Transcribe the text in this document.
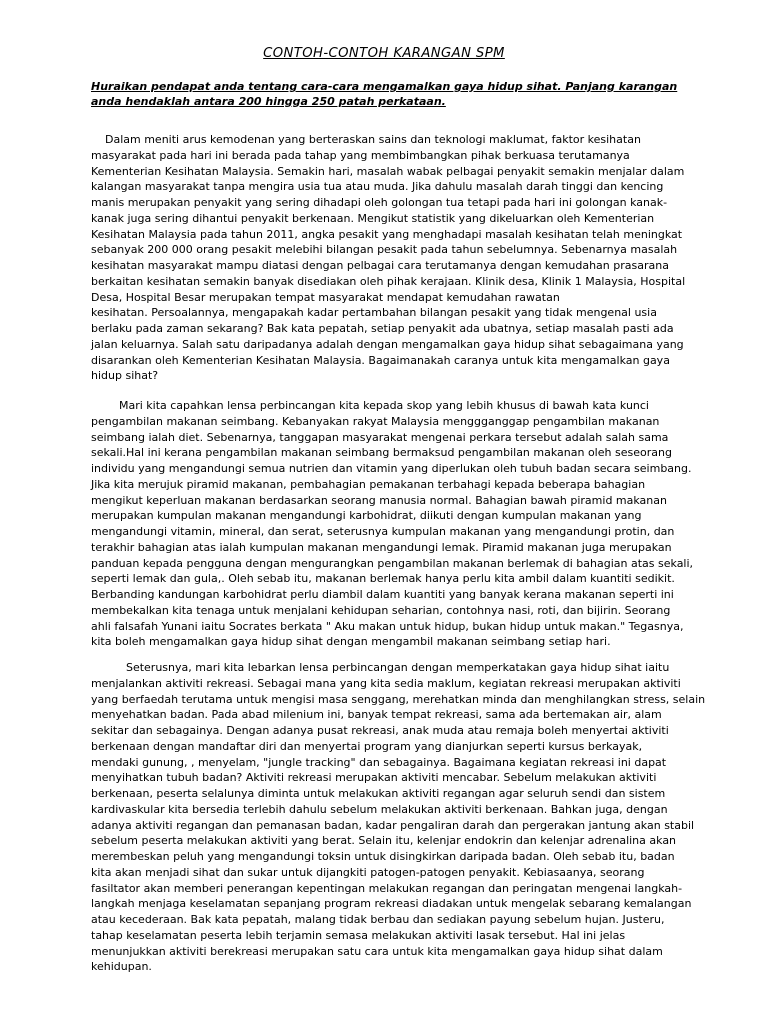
CONTOH-CONTOH KARANGAN SPM

Huraikan pendapat anda tentang cara-cara mengamalkan gaya hidup sihat. Panjang karangan anda hendaklah antara 200 hingga 250 patah perkataan.

Dalam meniti arus kemodenan yang berteraskan sains dan teknologi maklumat, faktor kesihatan
masyarakat pada hari ini berada pada tahap yang membimbangkan pihak berkuasa terutamanya
Kementerian Kesihatan Malaysia. Semakin hari, masalah wabak pelbagai penyakit semakin menjalar dalam
kalangan masyarakat tanpa mengira usia tua atau muda. Jika dahulu masalah darah tinggi dan kencing
manis merupakan penyakit yang sering dihadapi oleh golongan tua tetapi pada hari ini golongan kanak-
kanak juga sering dihantui penyakit berkenaan. Mengikut statistik yang dikeluarkan oleh Kementerian
Kesihatan Malaysia pada tahun 2011, angka pesakit yang menghadapi masalah kesihatan telah meningkat
sebanyak 200 000 orang pesakit melebihi bilangan pesakit pada tahun sebelumnya. Sebenarnya masalah
kesihatan masyarakat mampu diatasi dengan pelbagai cara terutamanya dengan kemudahan prasarana
berkaitan kesihatan semakin banyak disediakan oleh pihak kerajaan. Klinik desa, Klinik 1 Malaysia, Hospital
Desa, Hospital Besar merupakan tempat masyarakat mendapat kemudahan rawatan
kesihatan. Persoalannya, mengapakah kadar pertambahan bilangan pesakit yang tidak mengenal usia
berlaku pada zaman sekarang? Bak kata pepatah, setiap penyakit ada ubatnya, setiap masalah pasti ada
jalan keluarnya. Salah satu daripadanya adalah dengan mengamalkan gaya hidup sihat sebagaimana yang
disarankan oleh Kementerian Kesihatan Malaysia. Bagaimanakah caranya untuk kita mengamalkan gaya
hidup sihat?

Mari kita capahkan lensa perbincangan kita kepada skop yang lebih khusus di bawah kata kunci
pengambilan makanan seimbang. Kebanyakan rakyat Malaysia menggganggap pengambilan makanan
seimbang ialah diet. Sebenarnya, tanggapan masyarakat mengenai perkara tersebut adalah salah sama
sekali.Hal ini kerana pengambilan makanan seimbang bermaksud pengambilan makanan oleh seseorang
individu yang mengandungi semua nutrien dan vitamin yang diperlukan oleh tubuh badan secara seimbang.
Jika kita merujuk piramid makanan, pembahagian pemakanan terbahagi kepada beberapa bahagian
mengikut keperluan makanan berdasarkan seorang manusia normal. Bahagian bawah piramid makanan
merupakan kumpulan makanan mengandungi karbohidrat, diikuti dengan kumpulan makanan yang
mengandungi vitamin, mineral, dan serat, seterusnya kumpulan makanan yang mengandungi protin, dan
terakhir bahagian atas ialah kumpulan makanan mengandungi lemak. Piramid makanan juga merupakan
panduan kepada pengguna dengan mengurangkan pengambilan makanan berlemak di bahagian atas sekali,
seperti lemak dan gula,. Oleh sebab itu, makanan berlemak hanya perlu kita ambil dalam kuantiti sedikit.
Berbanding kandungan karbohidrat perlu diambil dalam kuantiti yang banyak kerana makanan seperti ini
membekalkan kita tenaga untuk menjalani kehidupan seharian, contohnya nasi, roti, dan bijirin. Seorang
ahli falsafah Yunani iaitu Socrates berkata " Aku makan untuk hidup, bukan hidup untuk makan." Tegasnya,
kita boleh mengamalkan gaya hidup sihat dengan mengambil makanan seimbang setiap hari.

Seterusnya, mari kita lebarkan lensa perbincangan dengan memperkatakan gaya hidup sihat iaitu
menjalankan aktiviti rekreasi. Sebagai mana yang kita sedia maklum, kegiatan rekreasi merupakan aktiviti
yang berfaedah terutama untuk mengisi masa senggang, merehatkan minda dan menghilangkan stress, selain
menyehatkan badan. Pada abad milenium ini, banyak tempat rekreasi, sama ada bertemakan air, alam
sekitar dan sebagainya. Dengan adanya pusat rekreasi, anak muda atau remaja boleh menyertai aktiviti
berkenaan dengan mandaftar diri dan menyertai program yang dianjurkan seperti kursus berkayak,
mendaki gunung, , menyelam, "jungle tracking" dan sebagainya. Bagaimana kegiatan rekreasi ini dapat
menyihatkan tubuh badan? Aktiviti rekreasi merupakan aktiviti mencabar. Sebelum melakukan aktiviti
berkenaan, peserta selalunya diminta untuk melakukan aktiviti regangan agar seluruh sendi dan sistem
kardivaskular kita bersedia terlebih dahulu sebelum melakukan aktiviti berkenaan. Bahkan juga, dengan
adanya aktiviti regangan dan pemanasan badan, kadar pengaliran darah dan pergerakan jantung akan stabil
sebelum peserta melakukan aktiviti yang berat. Selain itu, kelenjar endokrin dan kelenjar adrenalina akan
merembeskan peluh yang mengandungi toksin untuk disingkirkan daripada badan. Oleh sebab itu, badan
kita akan menjadi sihat dan sukar untuk dijangkiti patogen-patogen penyakit. Kebiasaanya, seorang
fasiltator akan memberi penerangan kepentingan melakukan regangan dan peringatan mengenai langkah-
langkah menjaga keselamatan sepanjang program rekreasi diadakan untuk mengelak sebarang kemalangan
atau kecederaan. Bak kata pepatah, malang tidak berbau dan sediakan payung sebelum hujan. Justeru,
tahap keselamatan peserta lebih terjamin semasa melakukan aktiviti lasak tersebut. Hal ini jelas
menunjukkan aktiviti berekreasi merupakan satu cara untuk kita mengamalkan gaya hidup sihat dalam
kehidupan.
